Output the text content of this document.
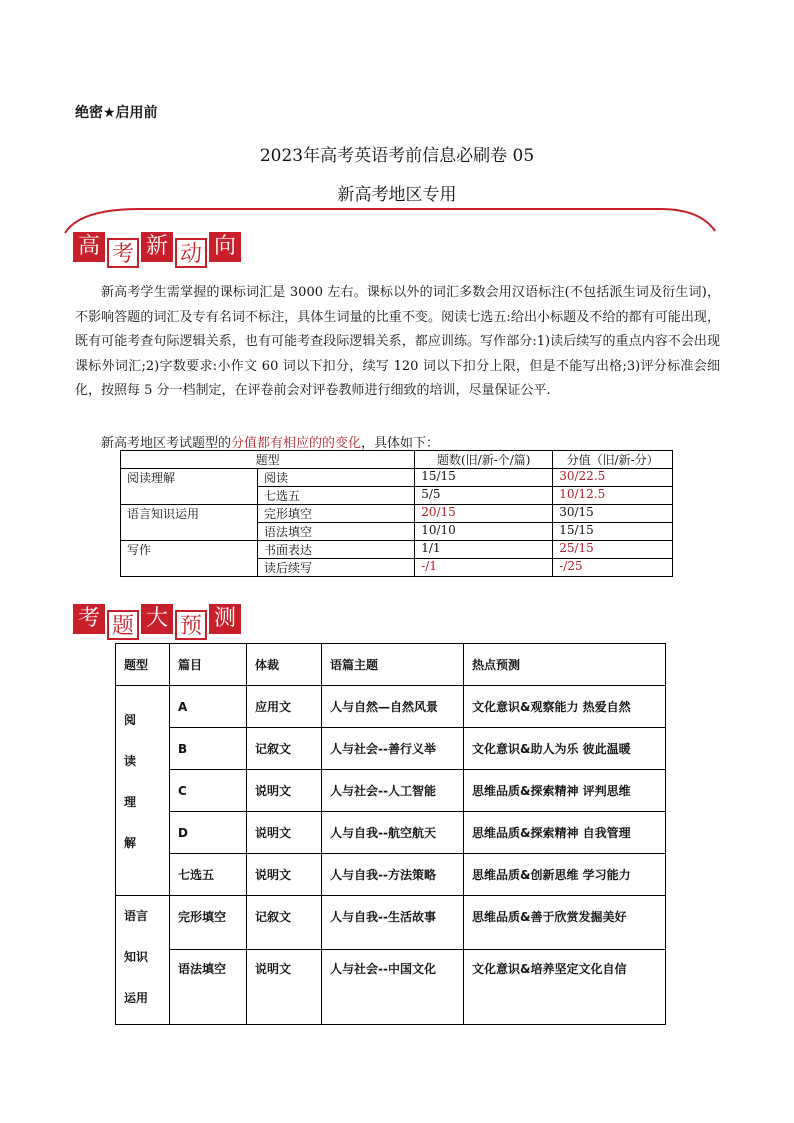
绝密★启用前
2023年高考英语考前信息必刷卷 05
新高考地区专用
高 考 新 动 向
新高考学生需掌握的课标词汇是 3000 左右。课标以外的词汇多数会用汉语标注(不包括派生词及衍生词)，不影响答题的词汇及专有名词不标注，具体生词量的比重不变。阅读七选五:给出小标题及不给的都有可能出现，既有可能考查句际逻辑关系，也有可能考查段际逻辑关系，都应训练。写作部分:1)读后续写的重点内容不会出现课标外词汇;2)字数要求:小作文 60 词以下扣分，续写 120 词以下扣分上限，但是不能写出格;3)评分标准会细化，按照每 5 分一档制定，在评卷前会对评卷教师进行细致的培训，尽量保证公平.
新高考地区考试题型的分值都有相应的的变化，具体如下：
题型		题数(旧/新-个/篇)	分值（旧/新-分）
阅读理解	阅读	15/15	30/22.5
	七选五	5/5	10/12.5
语言知识运用	完形填空	20/15	30/15
	语法填空	10/10	15/15
写作	书面表达	1/1	25/15
	读后续写	-/1	-/25
考 题 大 预 测
题型	篇目	体裁	语篇主题	热点预测

阅
读
理
解	A	应用文	人与自然—自然风景	文化意识&观察能力 热爱自然
	B	记叙文	人与社会--善行义举	文化意识&助人为乐 彼此温暖
	C	说明文	人与社会--人工智能	思维品质&探索精神 评判思维
	D	说明文	人与自我--航空航天	思维品质&探索精神 自我管理
	七选五	说明文	人与自我--方法策略	思维品质&创新思维 学习能力

语言
知识
运用	完形填空	记叙文	人与自我--生活故事	思维品质&善于欣赏发掘美好
	语法填空	说明文	人与社会--中国文化	文化意识&培养坚定文化自信
